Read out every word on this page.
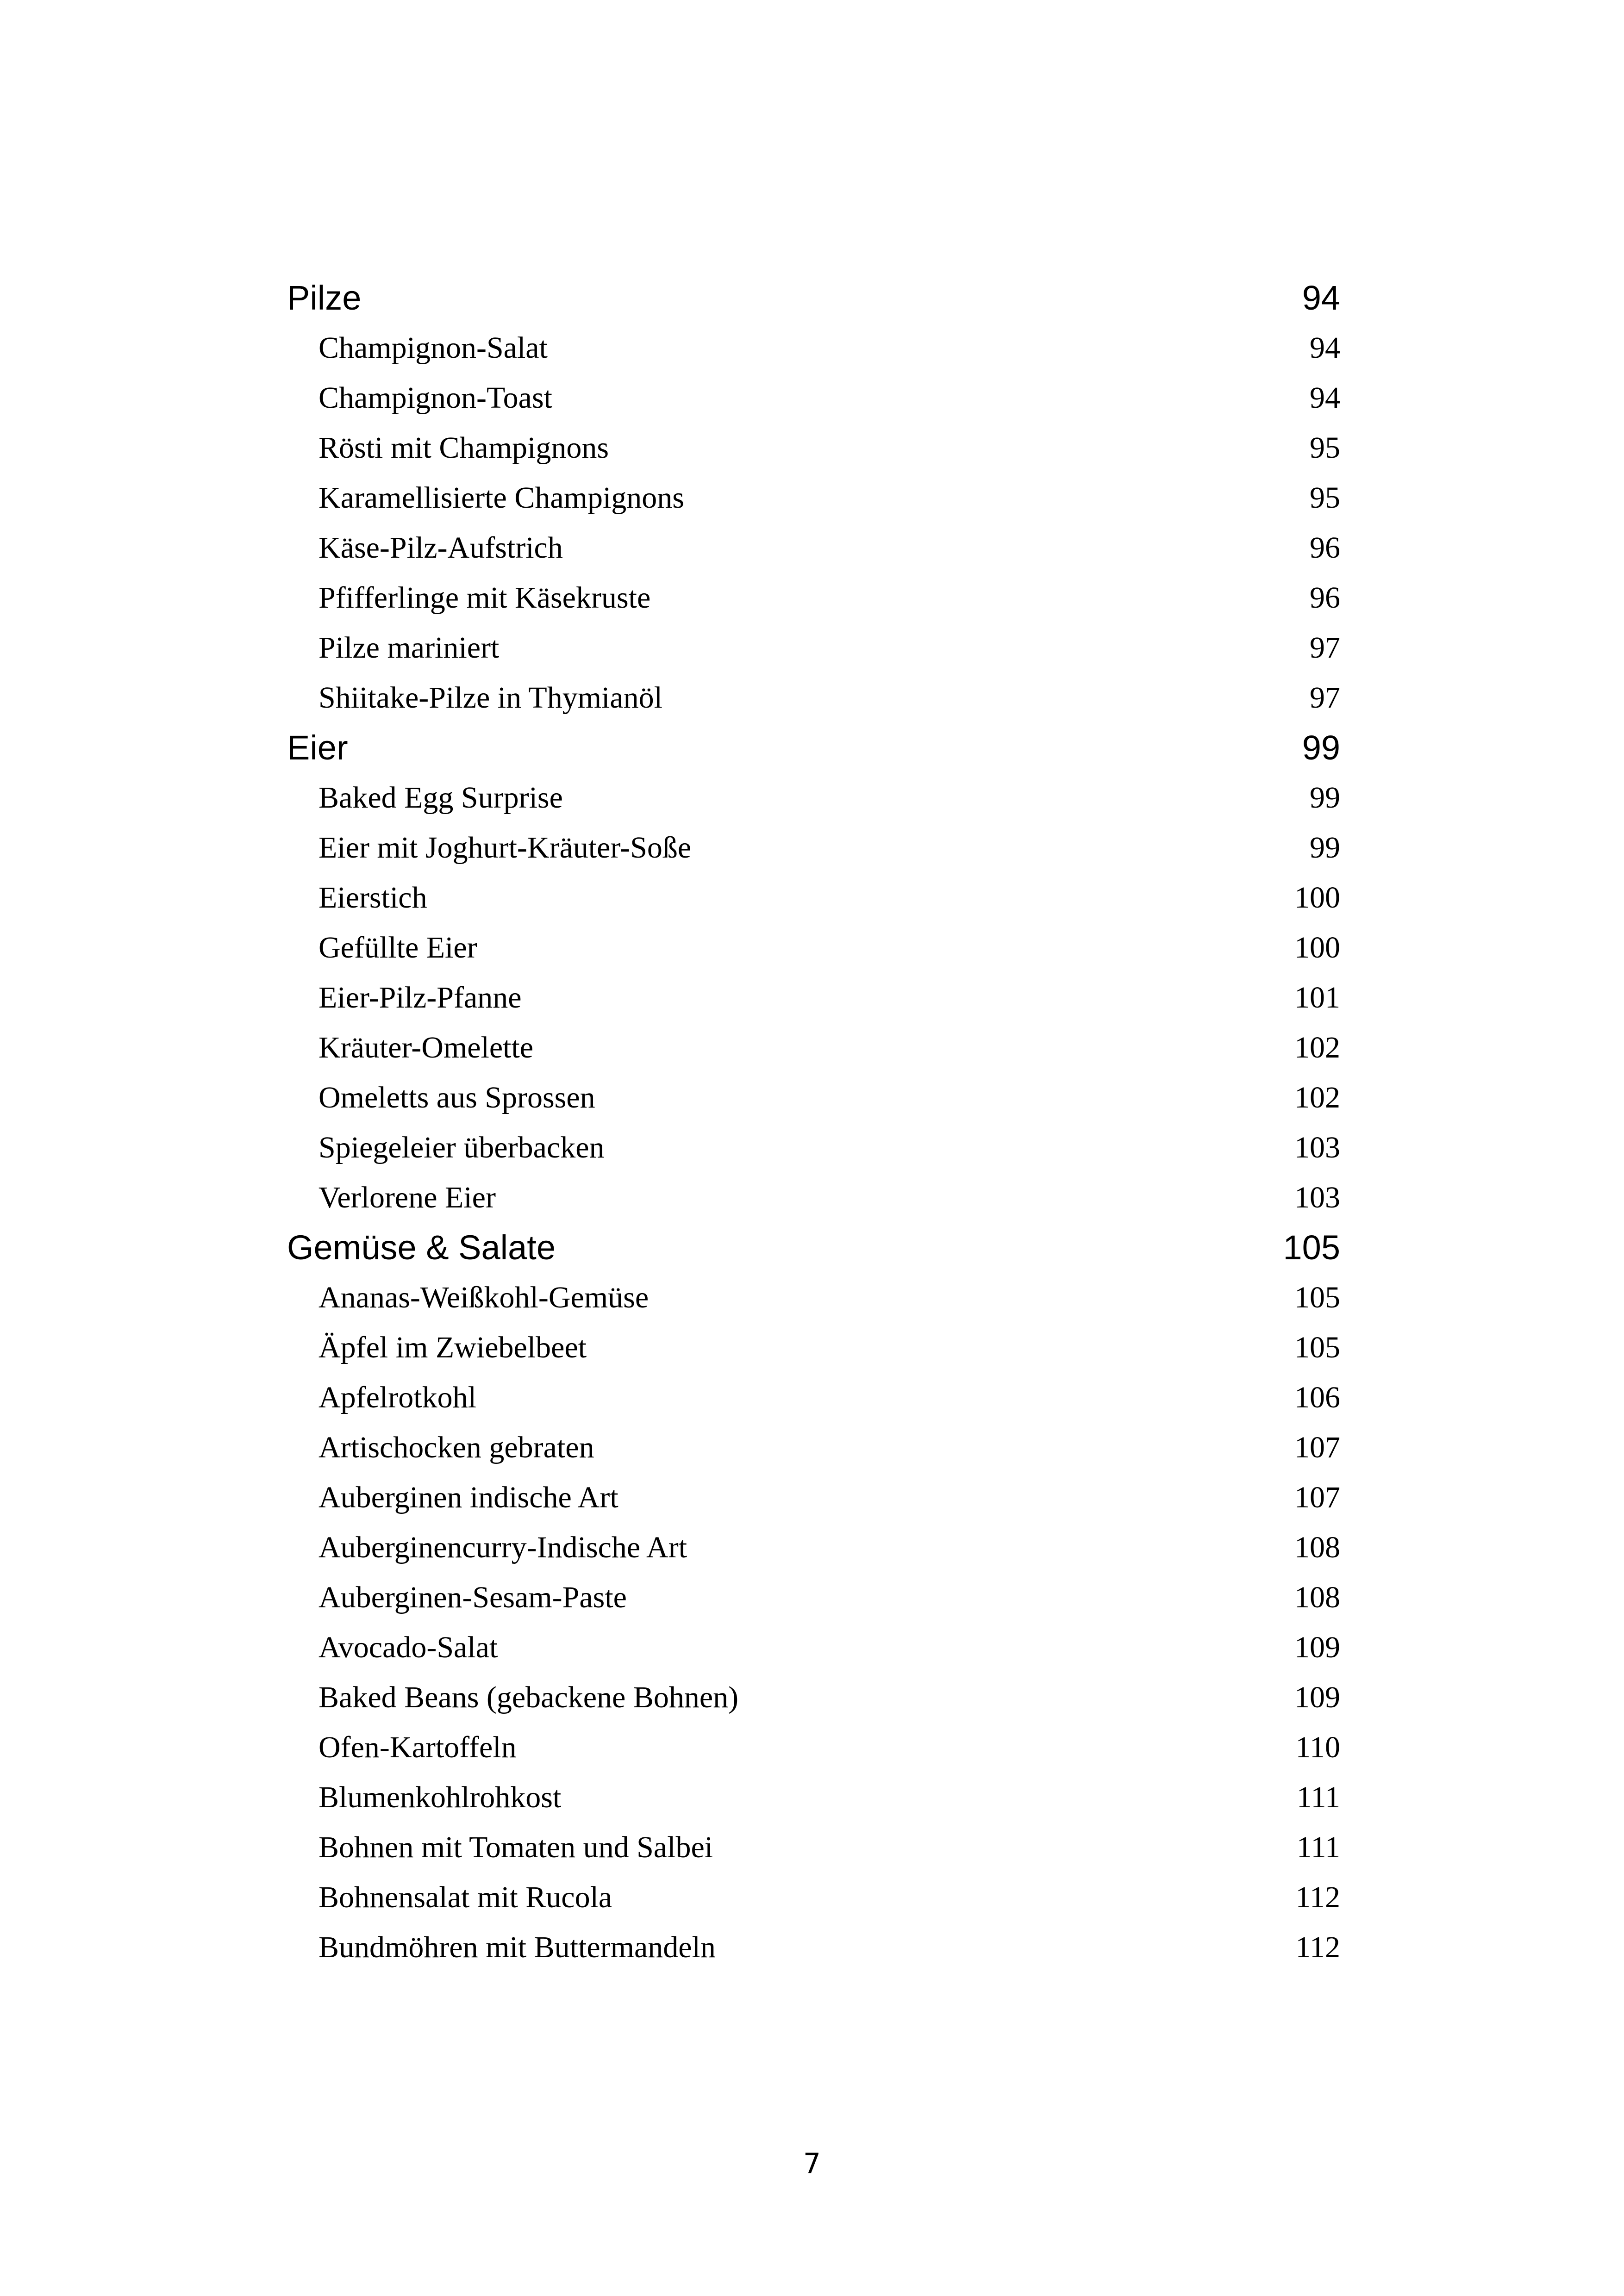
Pilze	94
Champignon-Salat	94
Champignon-Toast	94
Rösti mit Champignons	95
Karamellisierte Champignons	95
Käse-Pilz-Aufstrich	96
Pfifferlinge mit Käsekruste	96
Pilze mariniert	97
Shiitake-Pilze in Thymianöl	97
Eier	99
Baked Egg Surprise	99
Eier mit Joghurt-Kräuter-Soße	99
Eierstich	100
Gefüllte Eier	100
Eier-Pilz-Pfanne	101
Kräuter-Omelette	102
Omeletts aus Sprossen	102
Spiegeleier überbacken	103
Verlorene Eier	103
Gemüse & Salate	105
Ananas-Weißkohl-Gemüse	105
Äpfel im Zwiebelbeet	105
Apfelrotkohl	106
Artischocken gebraten	107
Auberginen indische Art	107
Auberginencurry-Indische Art	108
Auberginen-Sesam-Paste	108
Avocado-Salat	109
Baked Beans (gebackene Bohnen)	109
Ofen-Kartoffeln	110
Blumenkohlrohkost	111
Bohnen mit Tomaten und Salbei	111
Bohnensalat mit Rucola	112
Bundmöhren mit Buttermandeln	112
7
